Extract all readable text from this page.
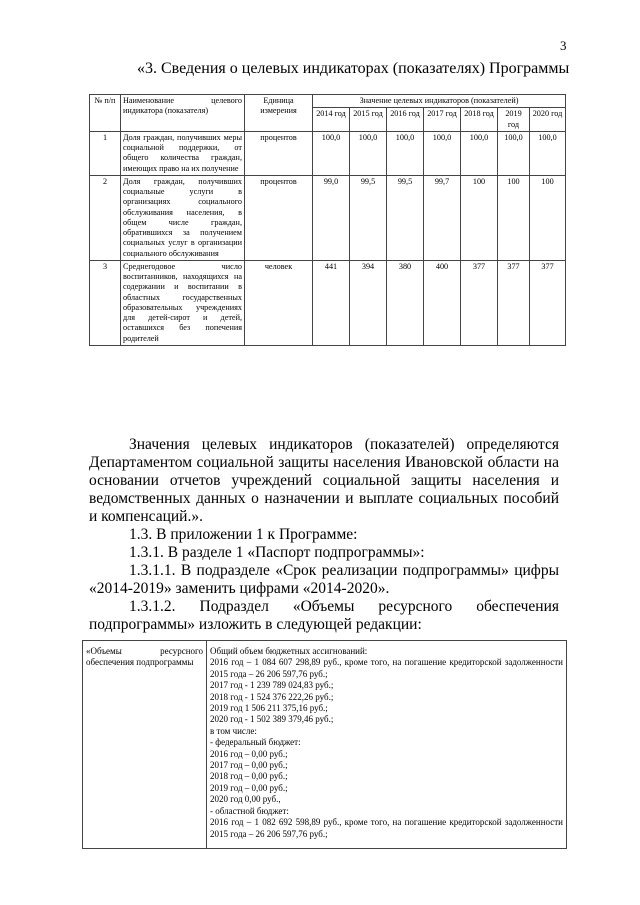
3
«3. Сведения о целевых индикаторах (показателях) Программы
№ п/п	Наименование целевого индикатора (показателя)	Единица измерения	Значение целевых индикаторов (показателей)						
			2014 год	2015 год	2016 год	2017 год	2018 год	2019 год	2020 год
1	Доля граждан, получивших меры социальной поддержки, от общего количества граждан, имеющих право на их получение	процентов	100,0	100,0	100,0	100,0	100,0	100,0	100,0
2	Доля граждан, получивших социальные услуги в организациях социального обслуживания населения, в общем числе граждан, обратившихся за получением социальных услуг в организации социального обслуживания	процентов	99,0	99,5	99,5	99,7	100	100	100
3	Среднегодовое число воспитанников, находящихся на содержании и воспитании в областных государственных образовательных учреждениях для детей-сирот и детей, оставшихся без попечения родителей	человек	441	394	380	400	377	377	377
Значения целевых индикаторов (показателей) определяются Департаментом социальной защиты населения Ивановской области на основании отчетов учреждений социальной защиты населения и ведомственных данных о назначении и выплате социальных пособий и компенсаций.».
1.3. В приложении 1 к Программе:
1.3.1. В разделе 1 «Паспорт подпрограммы»:
1.3.1.1. В подразделе «Срок реализации подпрограммы» цифры «2014-2019» заменить цифрами «2014-2020».
1.3.1.2. Подраздел «Объемы ресурсного обеспечения подпрограммы» изложить в следующей редакции:
«Объемы ресурсного обеспечения подпрограммы	
Общий объем бюджетных ассигнований:
2016 год – 1 084 607 298,89 руб., кроме того, на погашение кредиторской задолженности 2015 года – 26 206 597,76 руб.;
2017 год - 1 239 789 024,83 руб.;
2018 год - 1 524 376 222,26 руб.;
2019 год 1 506 211 375,16 руб.;
2020 год - 1 502 389 379,46 руб.;
в том числе:
- федеральный бюджет:
2016 год – 0,00 руб.;
2017 год – 0,00 руб.;
2018 год – 0,00 руб.;
2019 год – 0,00 руб.;
2020 год 0,00 руб.,
- областной бюджет:
2016 год – 1 082 692 598,89 руб., кроме того, на погашение кредиторской задолженности 2015 года – 26 206 597,76 руб.;
